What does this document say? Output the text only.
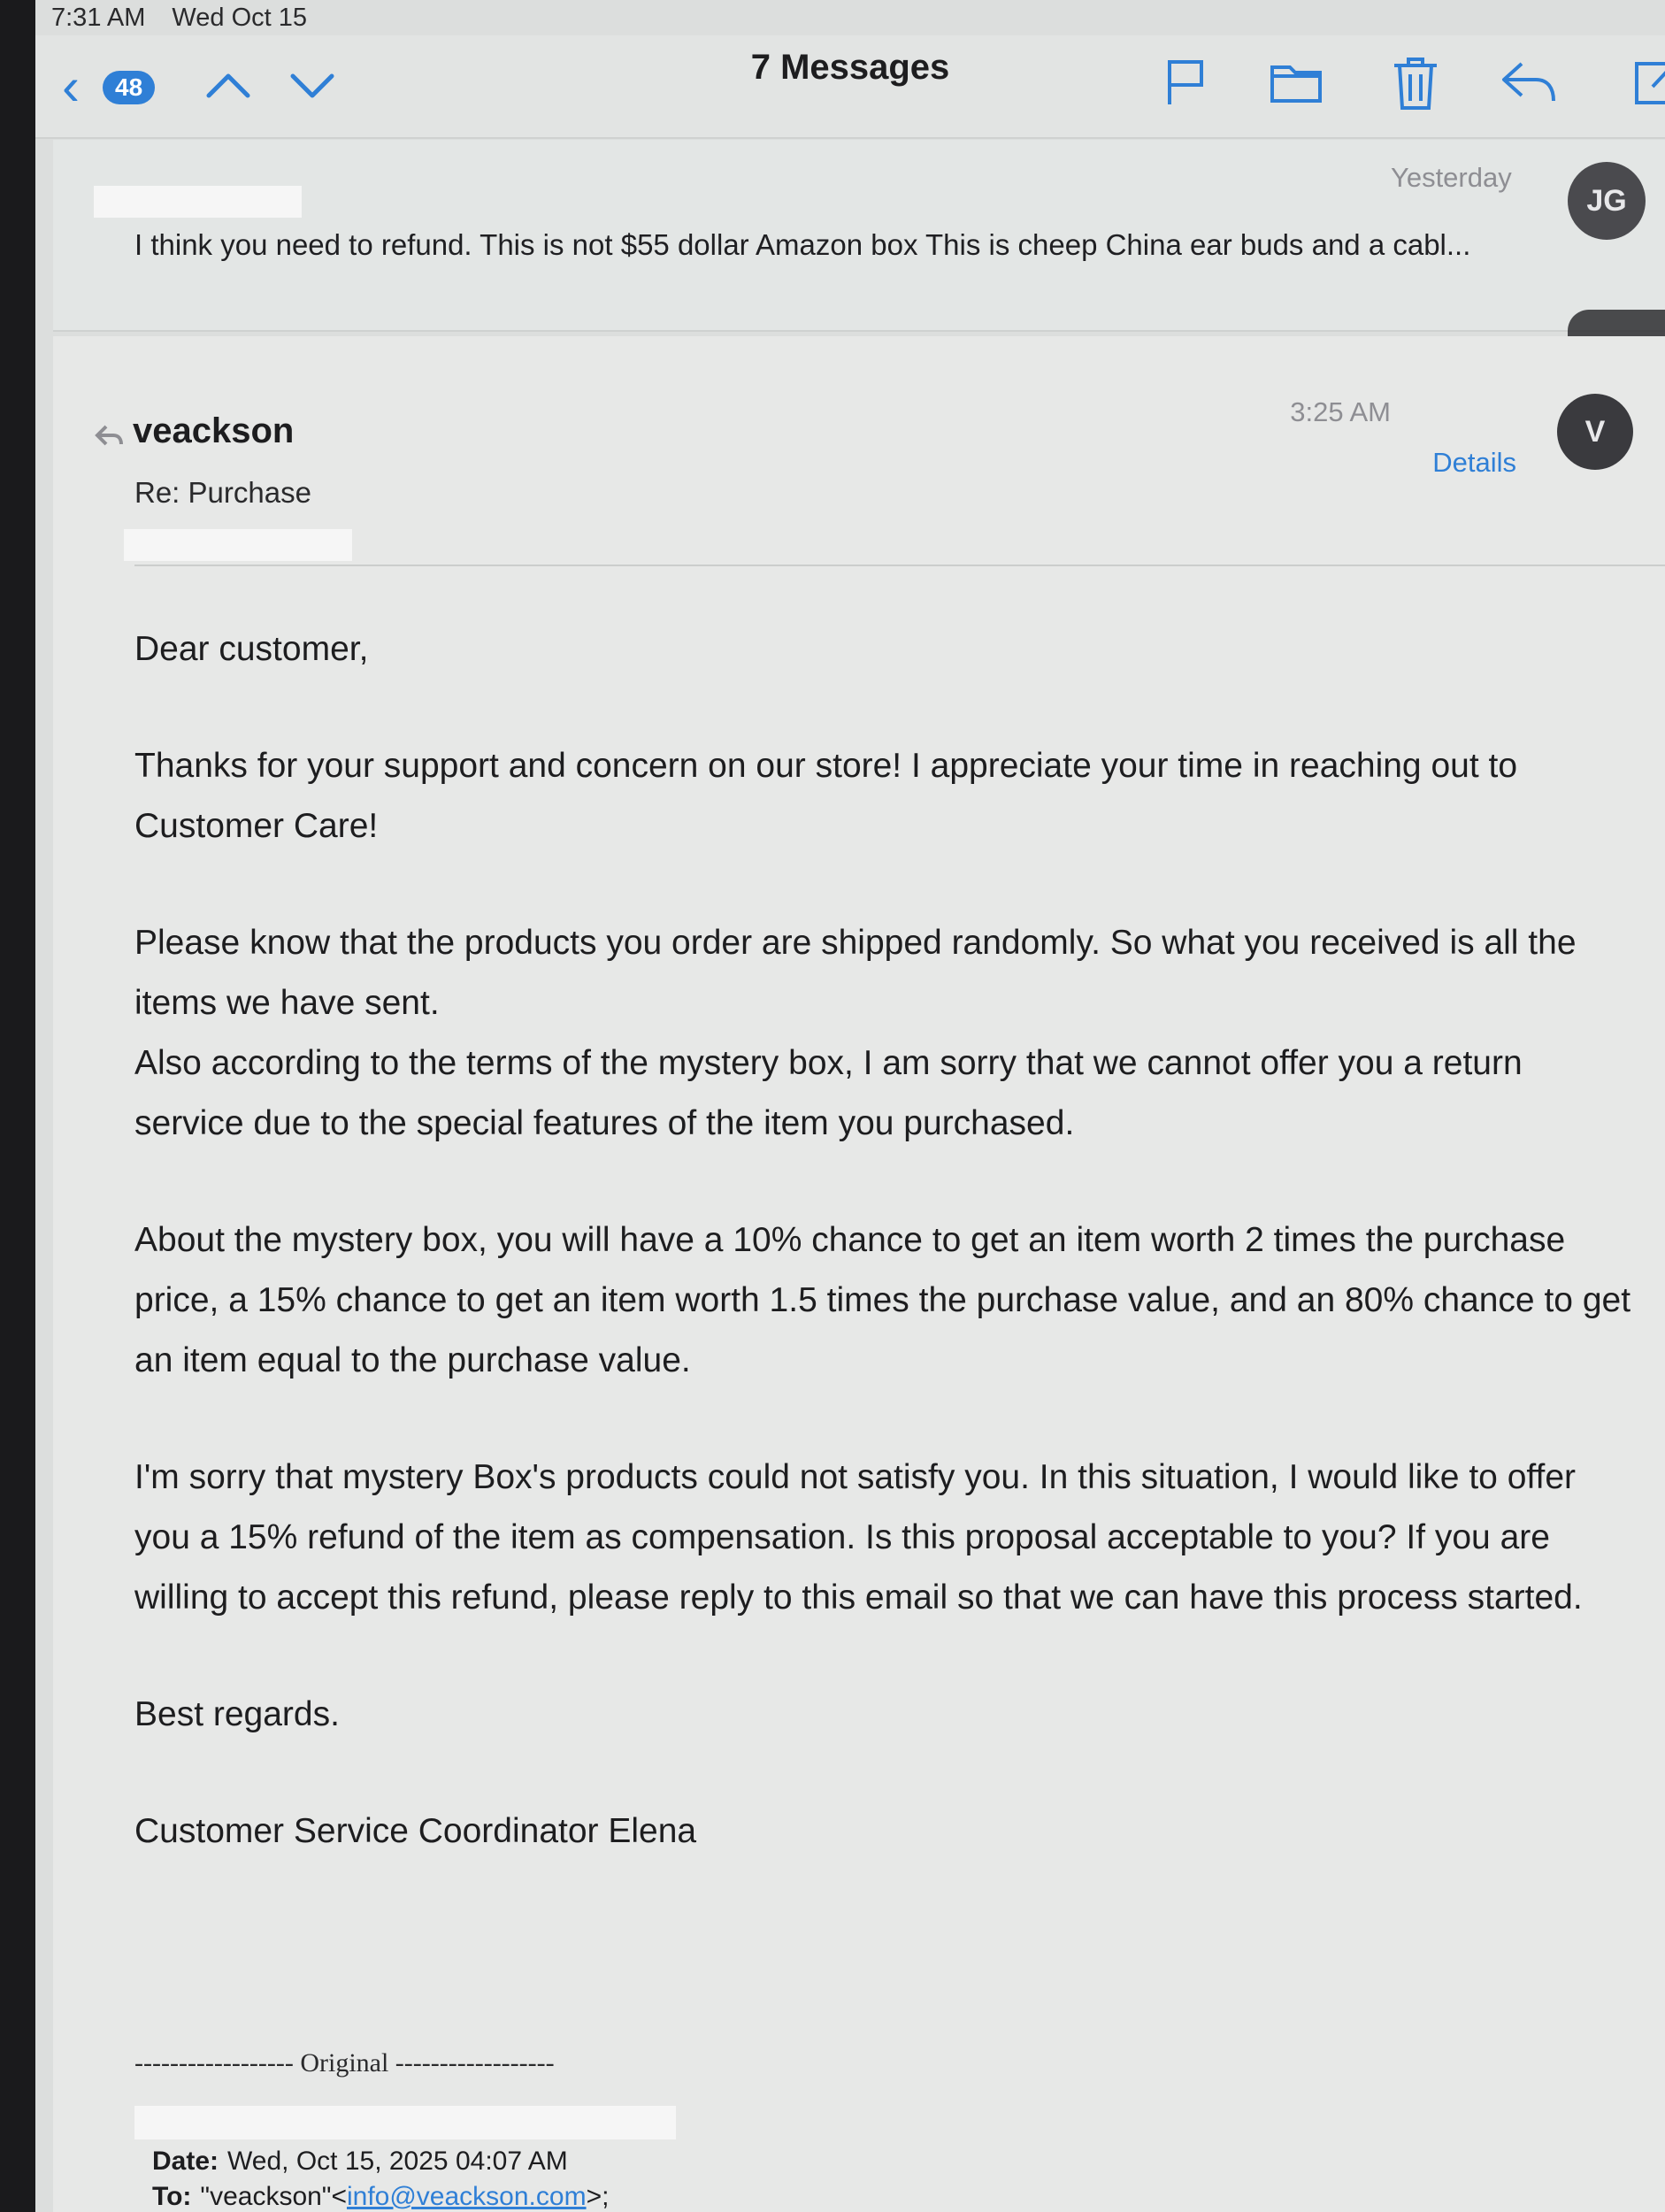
7:31 AM Wed Oct 15
‹	48
7 Messages
Yesterday
JG
I think you need to refund. This is not $55 dollar Amazon box This is cheep China ear buds and a cabl...
veackson
Re: Purchase
3:25 AM
Details
V

Dear customer,

Thanks for your support and concern on our store! I appreciate your time in reaching out to Customer Care!

Please know that the products you order are shipped randomly. So what you received is all the items we have sent.

Also according to the terms of the mystery box, I am sorry that we cannot offer you a return service due to the special features of the item you purchased.

About the mystery box, you will have a 10% chance to get an item worth 2 times the purchase price, a 15% chance to get an item worth 1.5 times the purchase value, and an 80% chance to get an item equal to the purchase value.

I'm sorry that mystery Box's products could not satisfy you. In this situation, I would like to offer you a 15% refund of the item as compensation. Is this proposal acceptable to you? If you are willing to accept this refund, please reply to this email so that we can have this process started.

Best regards.

Customer Service Coordinator Elena

------------------ Original ------------------
Date: Wed, Oct 15, 2025 04:07 AM
To: "veackson"<info@veackson.com>;
